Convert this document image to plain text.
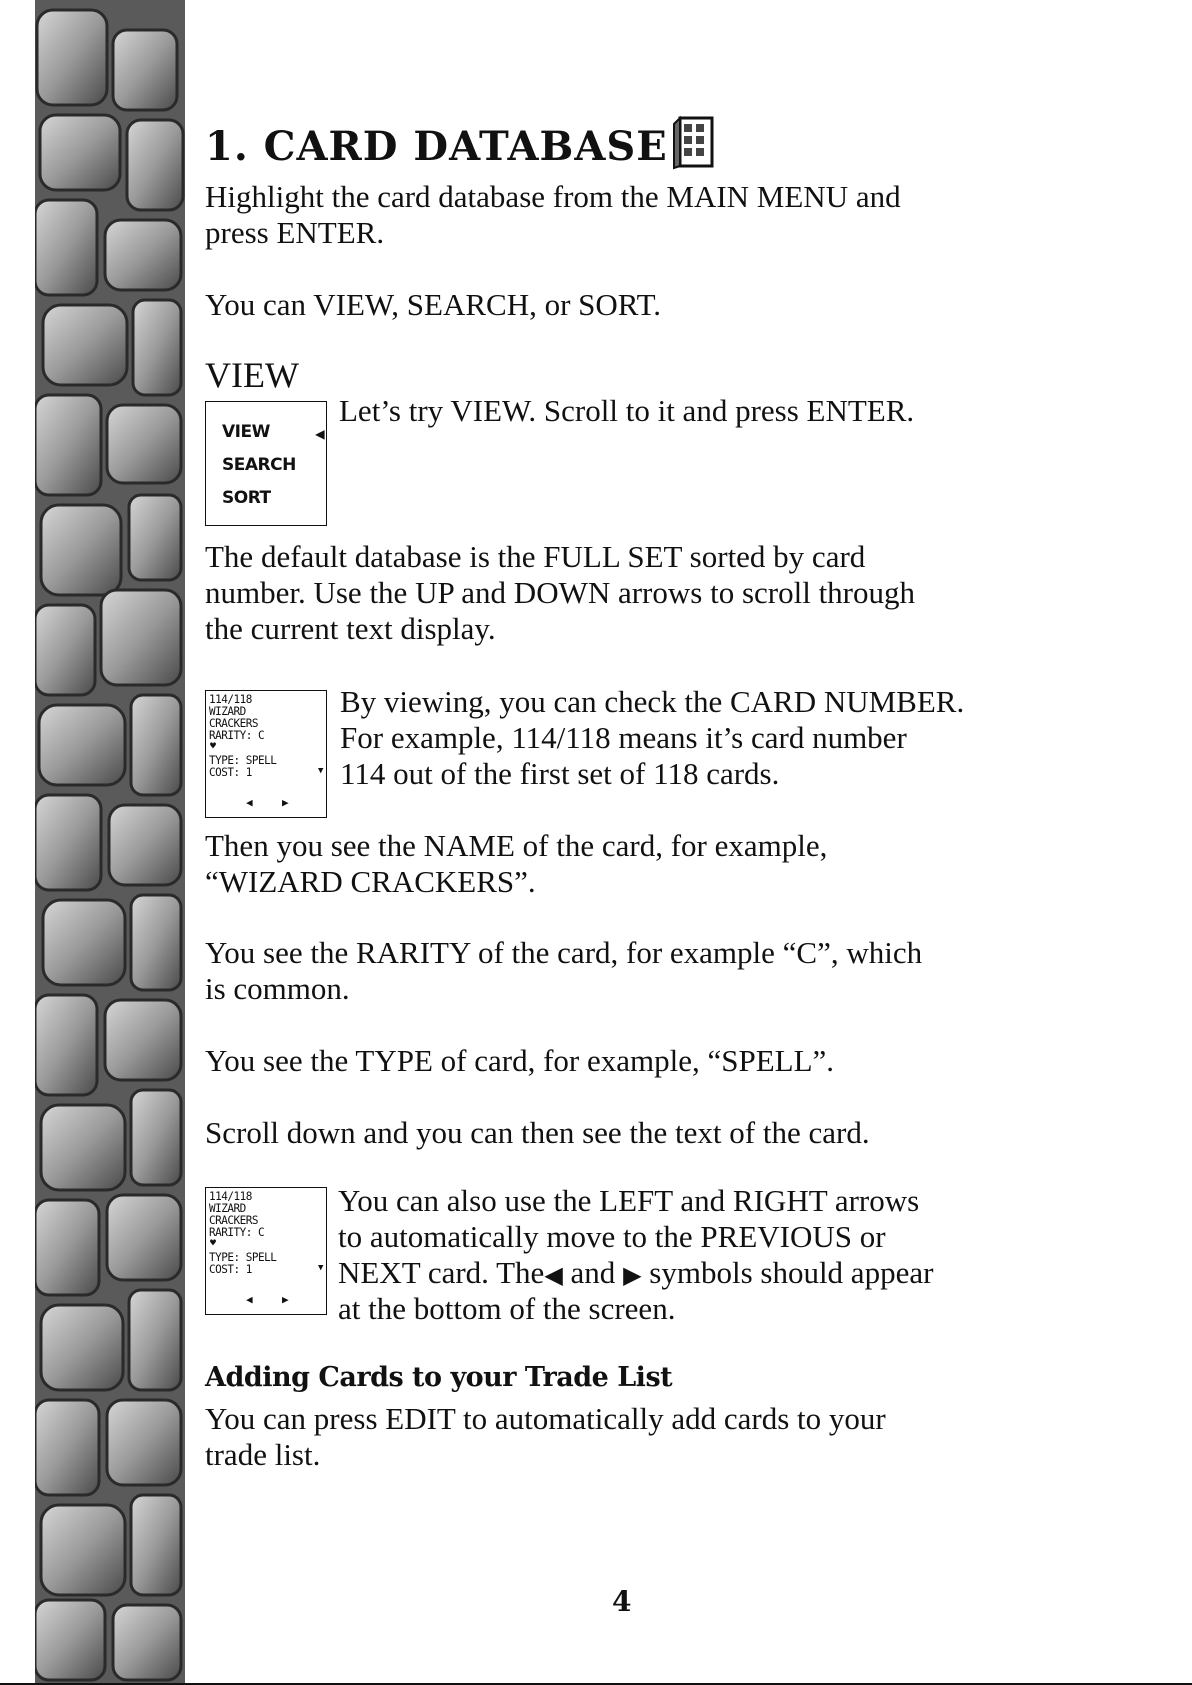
1. CARD DATABASE

Highlight the card database from the MAIN MENU and

press ENTER.

You can VIEW, SEARCH, or SORT.

VIEW
VIEW
SEARCH
SORT
◀

Let’s try VIEW. Scroll to it and press ENTER.

The default database is the FULL SET sorted by card

number. Use the UP and DOWN arrows to scroll through

the current text display.

114/118
WIZARD
CRACKERS
RARITY: C
♥
TYPE: SPELL
COST: 1	▼
◀	▶

By viewing, you can check the CARD NUMBER.

For example, 114/118 means it’s card number

114 out of the first set of 118 cards.

Then you see the NAME of the card, for example,

“WIZARD CRACKERS”.

You see the RARITY of the card, for example “C”, which

is common.

You see the TYPE of card, for example, “SPELL”.

Scroll down and you can then see the text of the card.

114/118
WIZARD
CRACKERS
RARITY: C
♥
TYPE: SPELL
COST: 1	▼
◀	▶

You can also use the LEFT and RIGHT arrows

to automatically move to the PREVIOUS or

NEXT card. The◀ and ▶ symbols should appear

at the bottom of the screen.

Adding Cards to your Trade List

You can press EDIT to automatically add cards to your

trade list.

4
